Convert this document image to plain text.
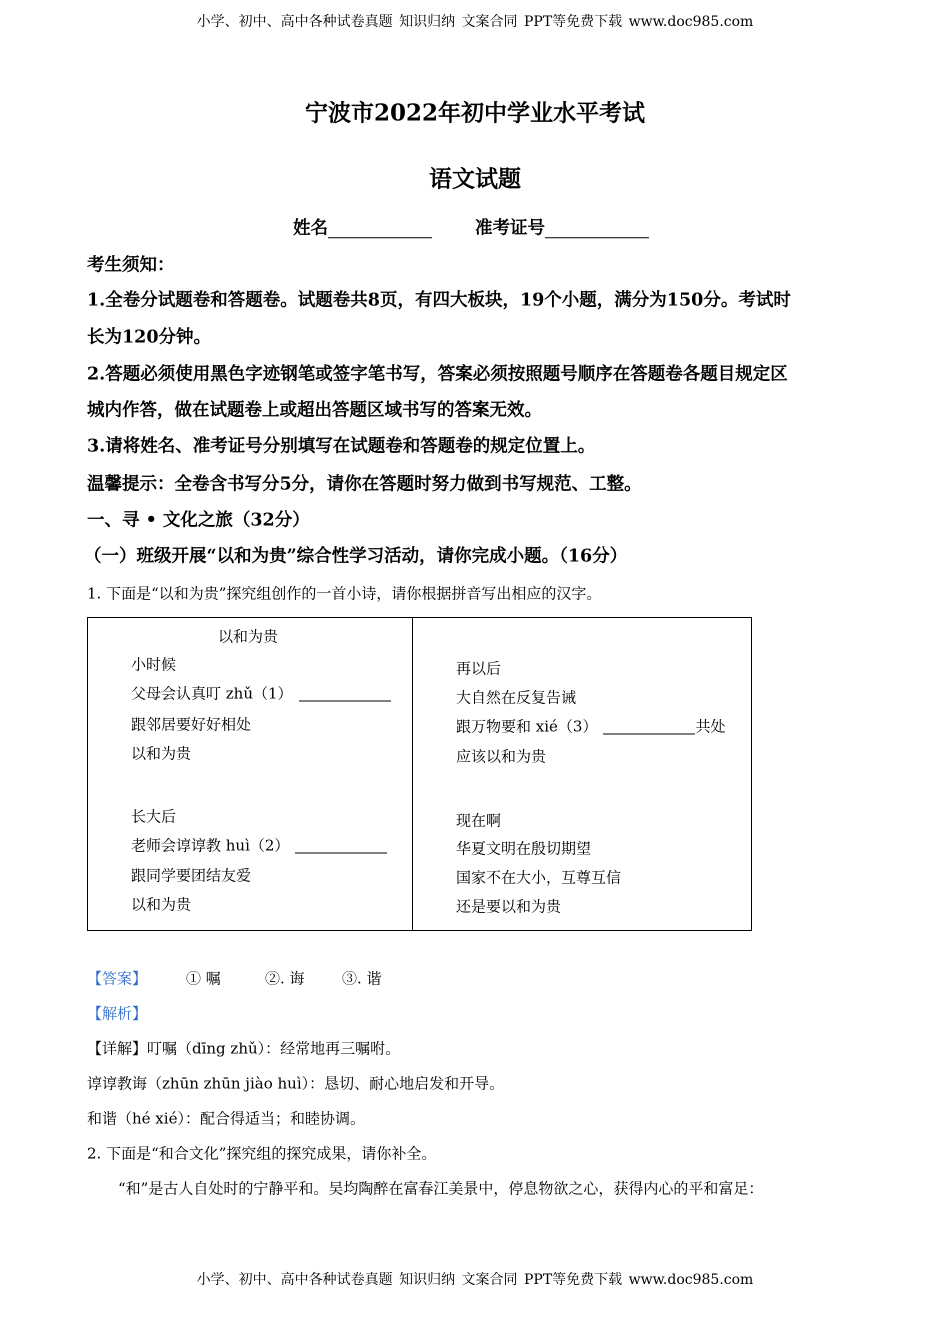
小学、初中、高中各种试卷真题 知识归纳 文案合同 PPT等免费下载 www.doc985.com
宁波市2022年初中学业水平考试
语文试题
姓名	准考证号
考生须知：
1.全卷分试题卷和答题卷。试题卷共8页，有四大板块，19个小题，满分为150分。考试时
长为120分钟。
2.答题必须使用黑色字迹钢笔或签字笔书写，答案必须按照题号顺序在答题卷各题目规定区
城内作答，做在试题卷上或超出答题区域书写的答案无效。
3.请将姓名、准考证号分别填写在试题卷和答题卷的规定位置上。
温馨提示：全卷含书写分5分，请你在答题时努力做到书写规范、工整。
一、寻 • 文化之旅（32分）
（一）班级开展“以和为贵”综合性学习活动，请你完成小题。（16分）
1. 下面是“以和为贵”探究组创作的一首小诗，请你根据拼音写出相应的汉字。
以和为贵
小时候
父母会认真叮 zhǔ（1）
跟邻居要好好相处
以和为贵
长大后
老师会谆谆教 huì（2）
跟同学要团结友爱
以和为贵
再以后
大自然在反复告诫
跟万物要和 xié（3）	共处
应该以和为贵
现在啊
华夏文明在殷切期望
国家不在大小，互尊互信
还是要以和为贵
【答案】	① 嘱	②. 诲 ③. 谐
【解析】
【详解】叮嘱（dīng zhǔ）：经常地再三嘱咐。
谆谆教诲（zhūn zhūn jiào huì）：恳切、耐心地启发和开导。
和谐（hé xié）：配合得适当；和睦协调。
2. 下面是“和合文化”探究组的探究成果，请你补全。
“和”是古人自处时的宁静平和。吴均陶醉在富春江美景中，停息物欲之心，获得内心的平和富足：
小学、初中、高中各种试卷真题 知识归纳 文案合同 PPT等免费下载 www.doc985.com
